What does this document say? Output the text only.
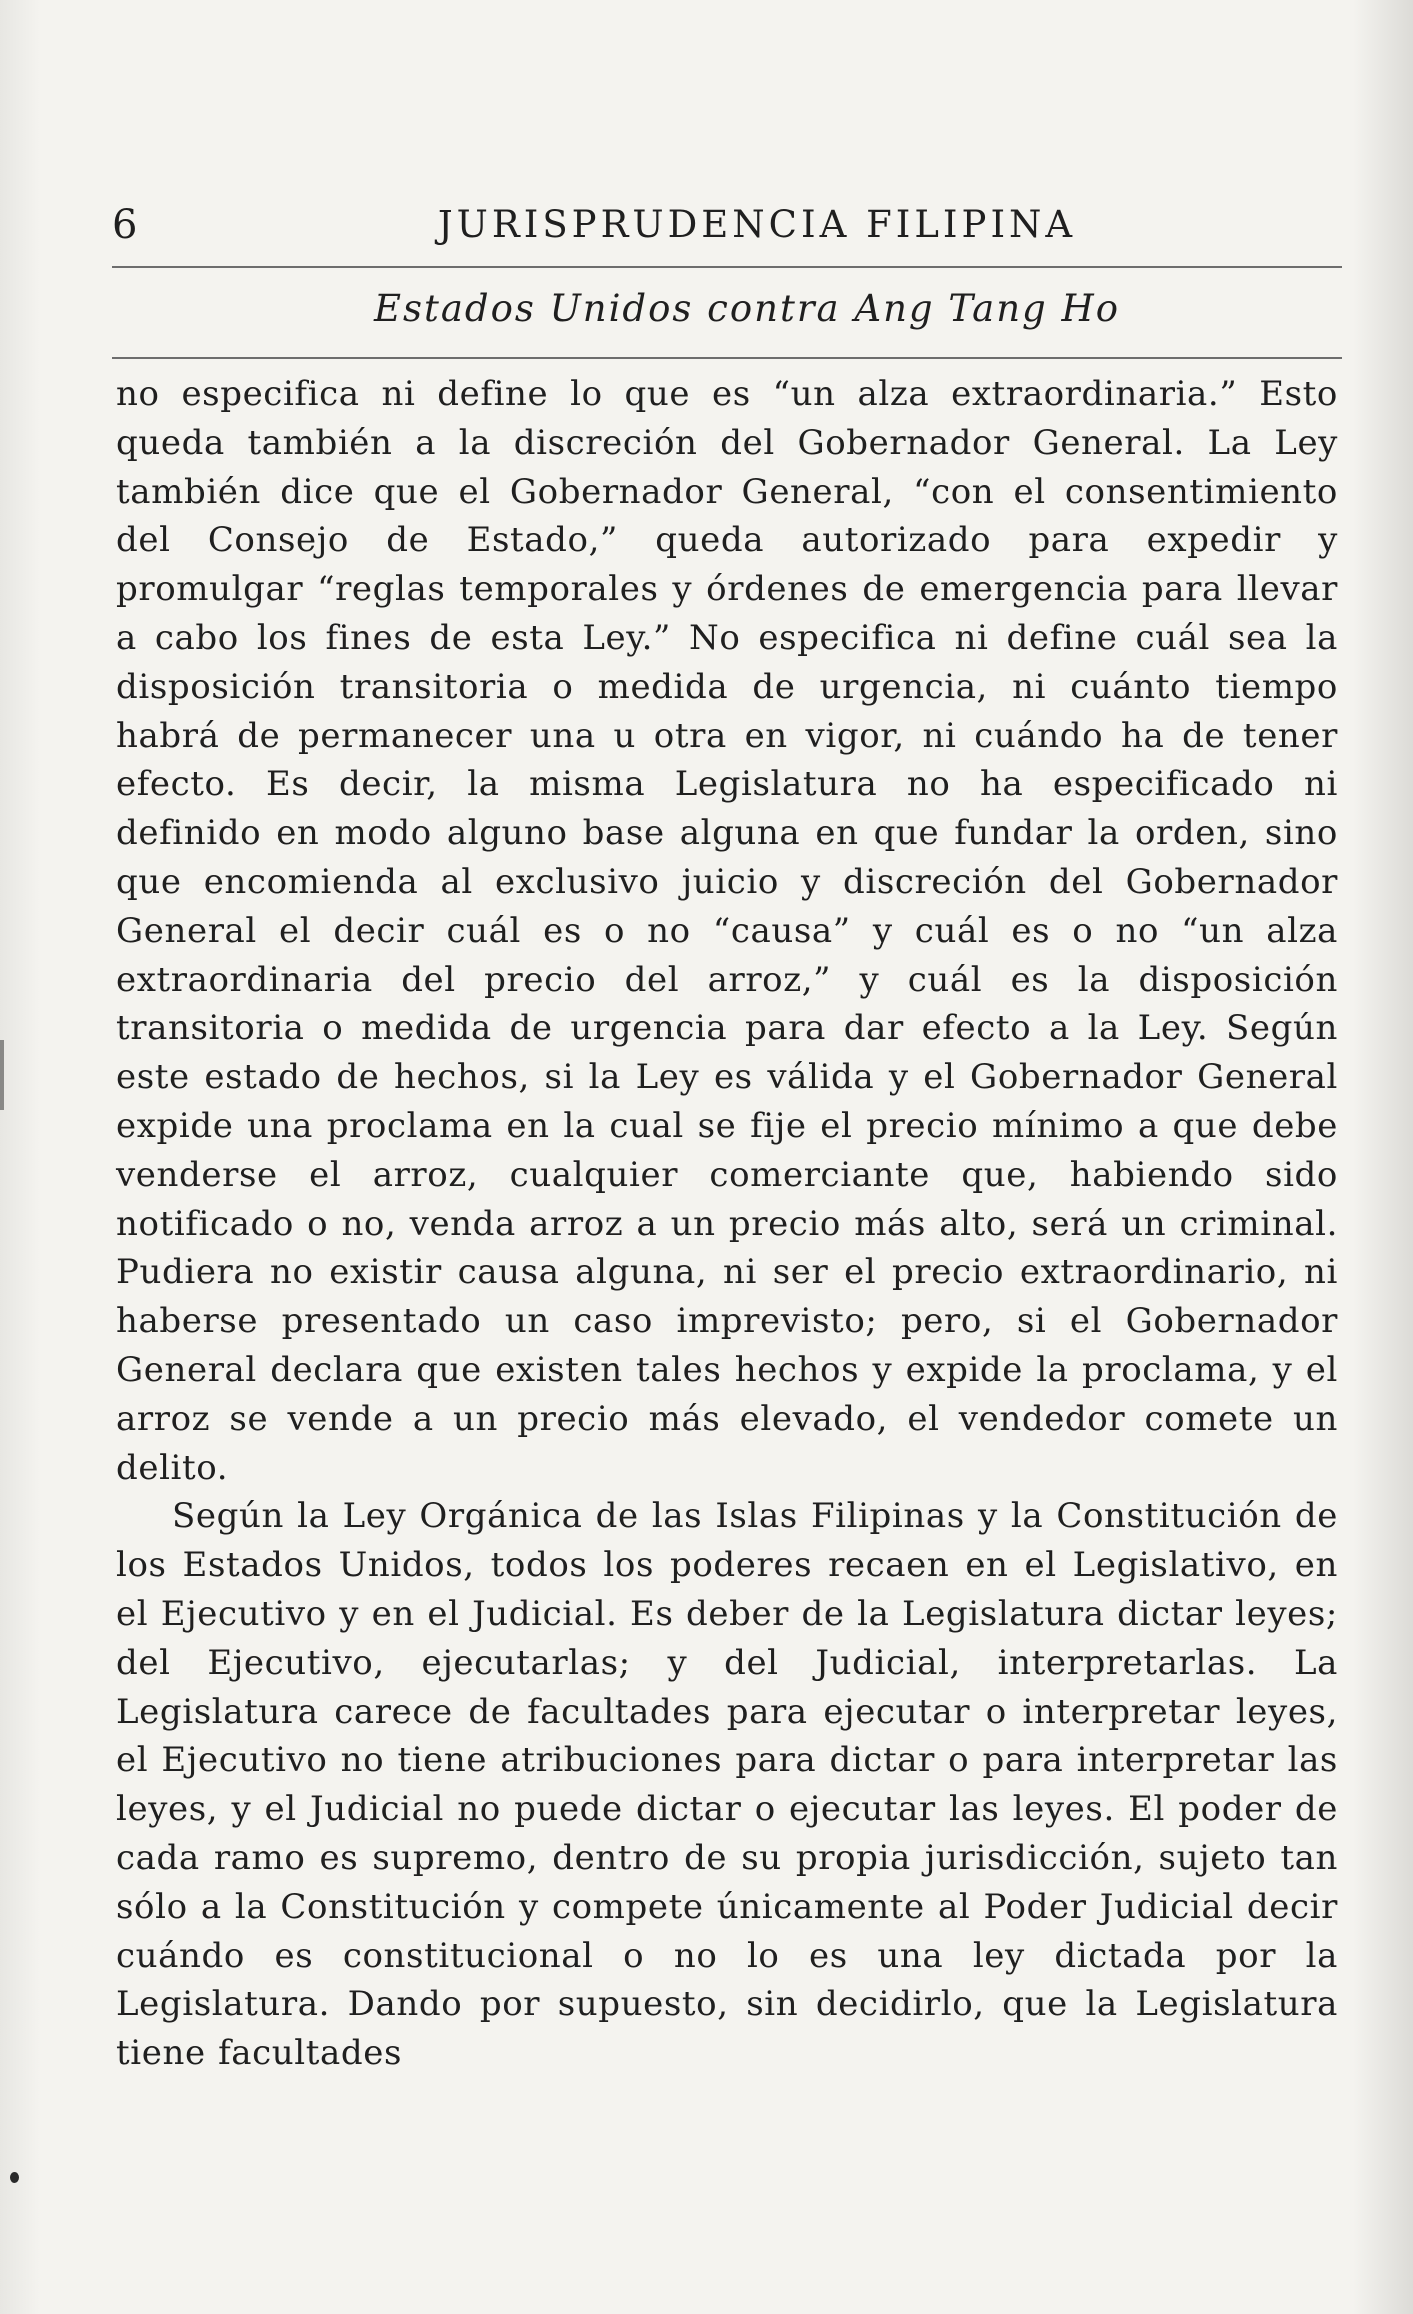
6	JURISPRUDENCIA FILIPINA
Estados Unidos contra Ang Tang Ho

no especifica ni define lo que es “un alza extraordinaria.” Esto queda también a la discreción del Gobernador General. La Ley también dice que el Gobernador General, “con el consentimiento del Consejo de Estado,” queda autorizado para expedir y promulgar “reglas temporales y órdenes de emergencia para llevar a cabo los fines de esta Ley.” No especifica ni define cuál sea la disposición transitoria o medida de urgencia, ni cuánto tiempo habrá de permanecer una u otra en vigor, ni cuándo ha de tener efecto. Es decir, la misma Legislatura no ha especificado ni definido en modo alguno base alguna en que fundar la orden, sino que encomienda al exclusivo juicio y discreción del Gobernador General el decir cuál es o no “causa” y cuál es o no “un alza extraordinaria del precio del arroz,” y cuál es la disposición transitoria o medida de urgencia para dar efecto a la Ley. Según este estado de hechos, si la Ley es válida y el Gobernador General expide una proclama en la cual se fije el precio mínimo a que debe venderse el arroz, cualquier comerciante que, habiendo sido notificado o no, venda arroz a un precio más alto, será un criminal. Pudiera no existir causa alguna, ni ser el precio extraordinario, ni haberse presentado un caso imprevisto; pero, si el Gobernador General declara que existen tales hechos y expide la proclama, y el arroz se vende a un precio más elevado, el vendedor comete un delito.

Según la Ley Orgánica de las Islas Filipinas y la Constitución de los Estados Unidos, todos los poderes recaen en el Legislativo, en el Ejecutivo y en el Judicial. Es deber de la Legislatura dictar leyes; del Ejecutivo, ejecutarlas; y del Judicial, interpretarlas. La Legislatura carece de facultades para ejecutar o interpretar leyes, el Ejecutivo no tiene atribuciones para dictar o para interpretar las leyes, y el Judicial no puede dictar o ejecutar las leyes. El poder de cada ramo es supremo, dentro de su propia jurisdicción, sujeto tan sólo a la Constitución y compete únicamente al Poder Judicial decir cuándo es constitucional o no lo es una ley dictada por la Legislatura. Dando por supuesto, sin decidirlo, que la Legislatura tiene facultades
